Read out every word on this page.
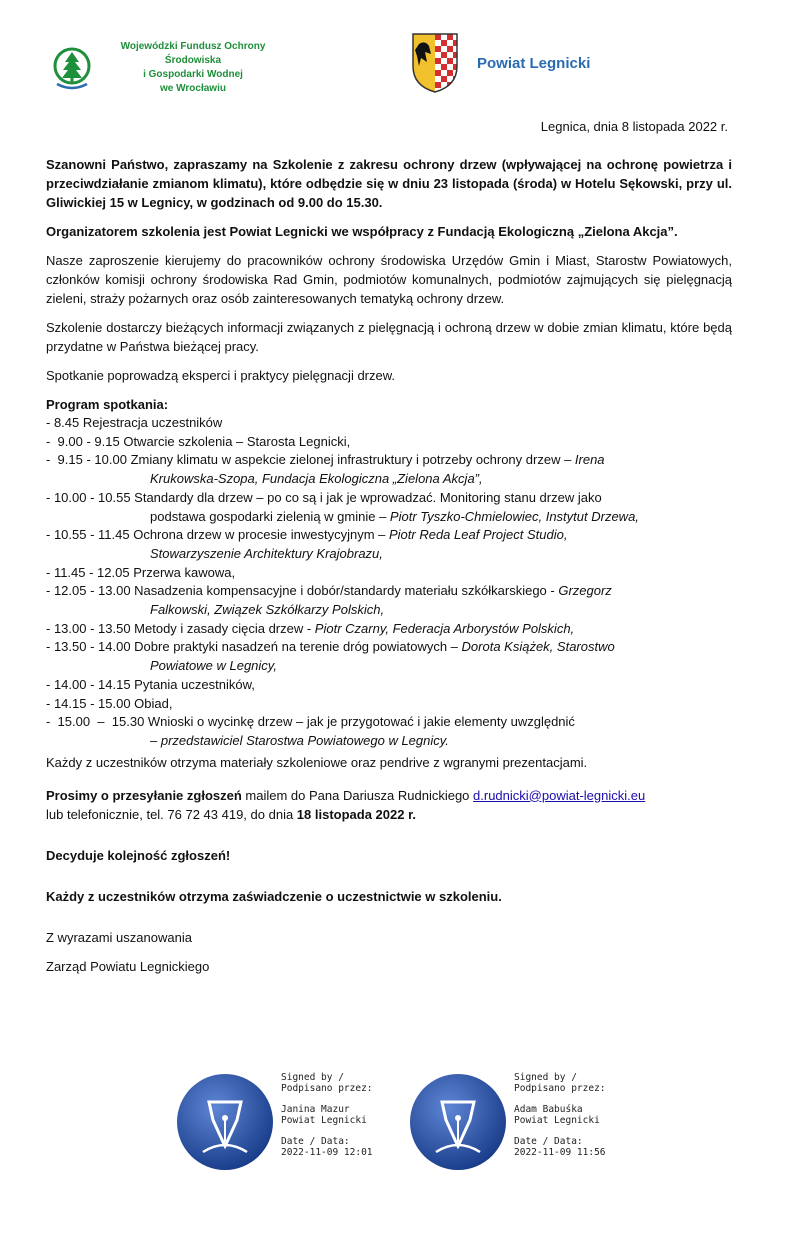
Wojewódzki Fundusz Ochrony Środowiska
i Gospodarki Wodnej
we Wrocławiu
Powiat Legnicki
Legnica, dnia 8 listopada 2022 r.

Szanowni Państwo, zapraszamy na Szkolenie z zakresu ochrony drzew (wpływającej na ochronę powietrza i przeciwdziałanie zmianom klimatu), które odbędzie się w dniu 23 listopada (środa) w Hotelu Sękowski, przy ul. Gliwickiej 15 w Legnicy, w godzinach od 9.00 do 15.30.

Organizatorem szkolenia jest Powiat Legnicki we współpracy z Fundacją Ekologiczną „Zielona Akcja”.

Nasze zaproszenie kierujemy do pracowników ochrony środowiska Urzędów Gmin i Miast, Starostw Powiatowych, członków komisji ochrony środowiska Rad Gmin, podmiotów komunalnych, podmiotów zajmujących się pielęgnacją zieleni, straży pożarnych oraz osób zainteresowanych tematyką ochrony drzew.

Szkolenie dostarczy bieżących informacji związanych z pielęgnacją i ochroną drzew w dobie zmian klimatu, które będą przydatne w Państwa bieżącej pracy.

Spotkanie poprowadzą eksperci i praktycy pielęgnacji drzew.

Program spotkania:
- 8.45 Rejestracja uczestników
-  9.00 - 9.15 Otwarcie szkolenia – Starosta Legnicki,
-  9.15 - 10.00 Zmiany klimatu w aspekcie zielonej infrastruktury i potrzeby ochrony drzew – Irena
Krukowska-Szopa, Fundacja Ekologiczna „Zielona Akcja”,
- 10.00 - 10.55 Standardy dla drzew – po co są i jak je wprowadzać. Monitoring stanu drzew jako
podstawa gospodarki zielenią w gminie – Piotr Tyszko-Chmielowiec, Instytut Drzewa,
- 10.55 - 11.45 Ochrona drzew w procesie inwestycyjnym – Piotr Reda Leaf Project Studio,
Stowarzyszenie Architektury Krajobrazu,
- 11.45 - 12.05 Przerwa kawowa,
- 12.05 - 13.00 Nasadzenia kompensacyjne i dobór/standardy materiału szkółkarskiego - Grzegorz
Falkowski, Związek Szkółkarzy Polskich,
- 13.00 - 13.50 Metody i zasady cięcia drzew - Piotr Czarny, Federacja Arborystów Polskich,
- 13.50 - 14.00 Dobre praktyki nasadzeń na terenie dróg powiatowych – Dorota Książek, Starostwo
Powiatowe w Legnicy,
- 14.00 - 14.15 Pytania uczestników,
- 14.15 - 15.00 Obiad,
-  15.00  –  15.30 Wnioski o wycinkę drzew – jak je przygotować i jakie elementy uwzględnić
– przedstawiciel Starostwa Powiatowego w Legnicy.

Każdy z uczestników otrzyma materiały szkoleniowe oraz pendrive z wgranymi prezentacjami.

Prosimy o przesyłanie zgłoszeń mailem do Pana Dariusza Rudnickiego d.rudnicki@powiat-legnicki.eu
lub telefonicznie, tel. 76 72 43 419, do dnia 18 listopada 2022 r.

Decyduje kolejność zgłoszeń!

Każdy z uczestników otrzyma zaświadczenie o uczestnictwie w szkoleniu.

Z wyrazami uszanowania

Zarząd Powiatu Legnickiego

Signed by /
Podpisano przez:
Janina Mazur
Powiat Legnicki
Date / Data:
2022-11-09 12:01
Signed by /
Podpisano przez:
Adam Babuśka
Powiat Legnicki
Date / Data:
2022-11-09 11:56
